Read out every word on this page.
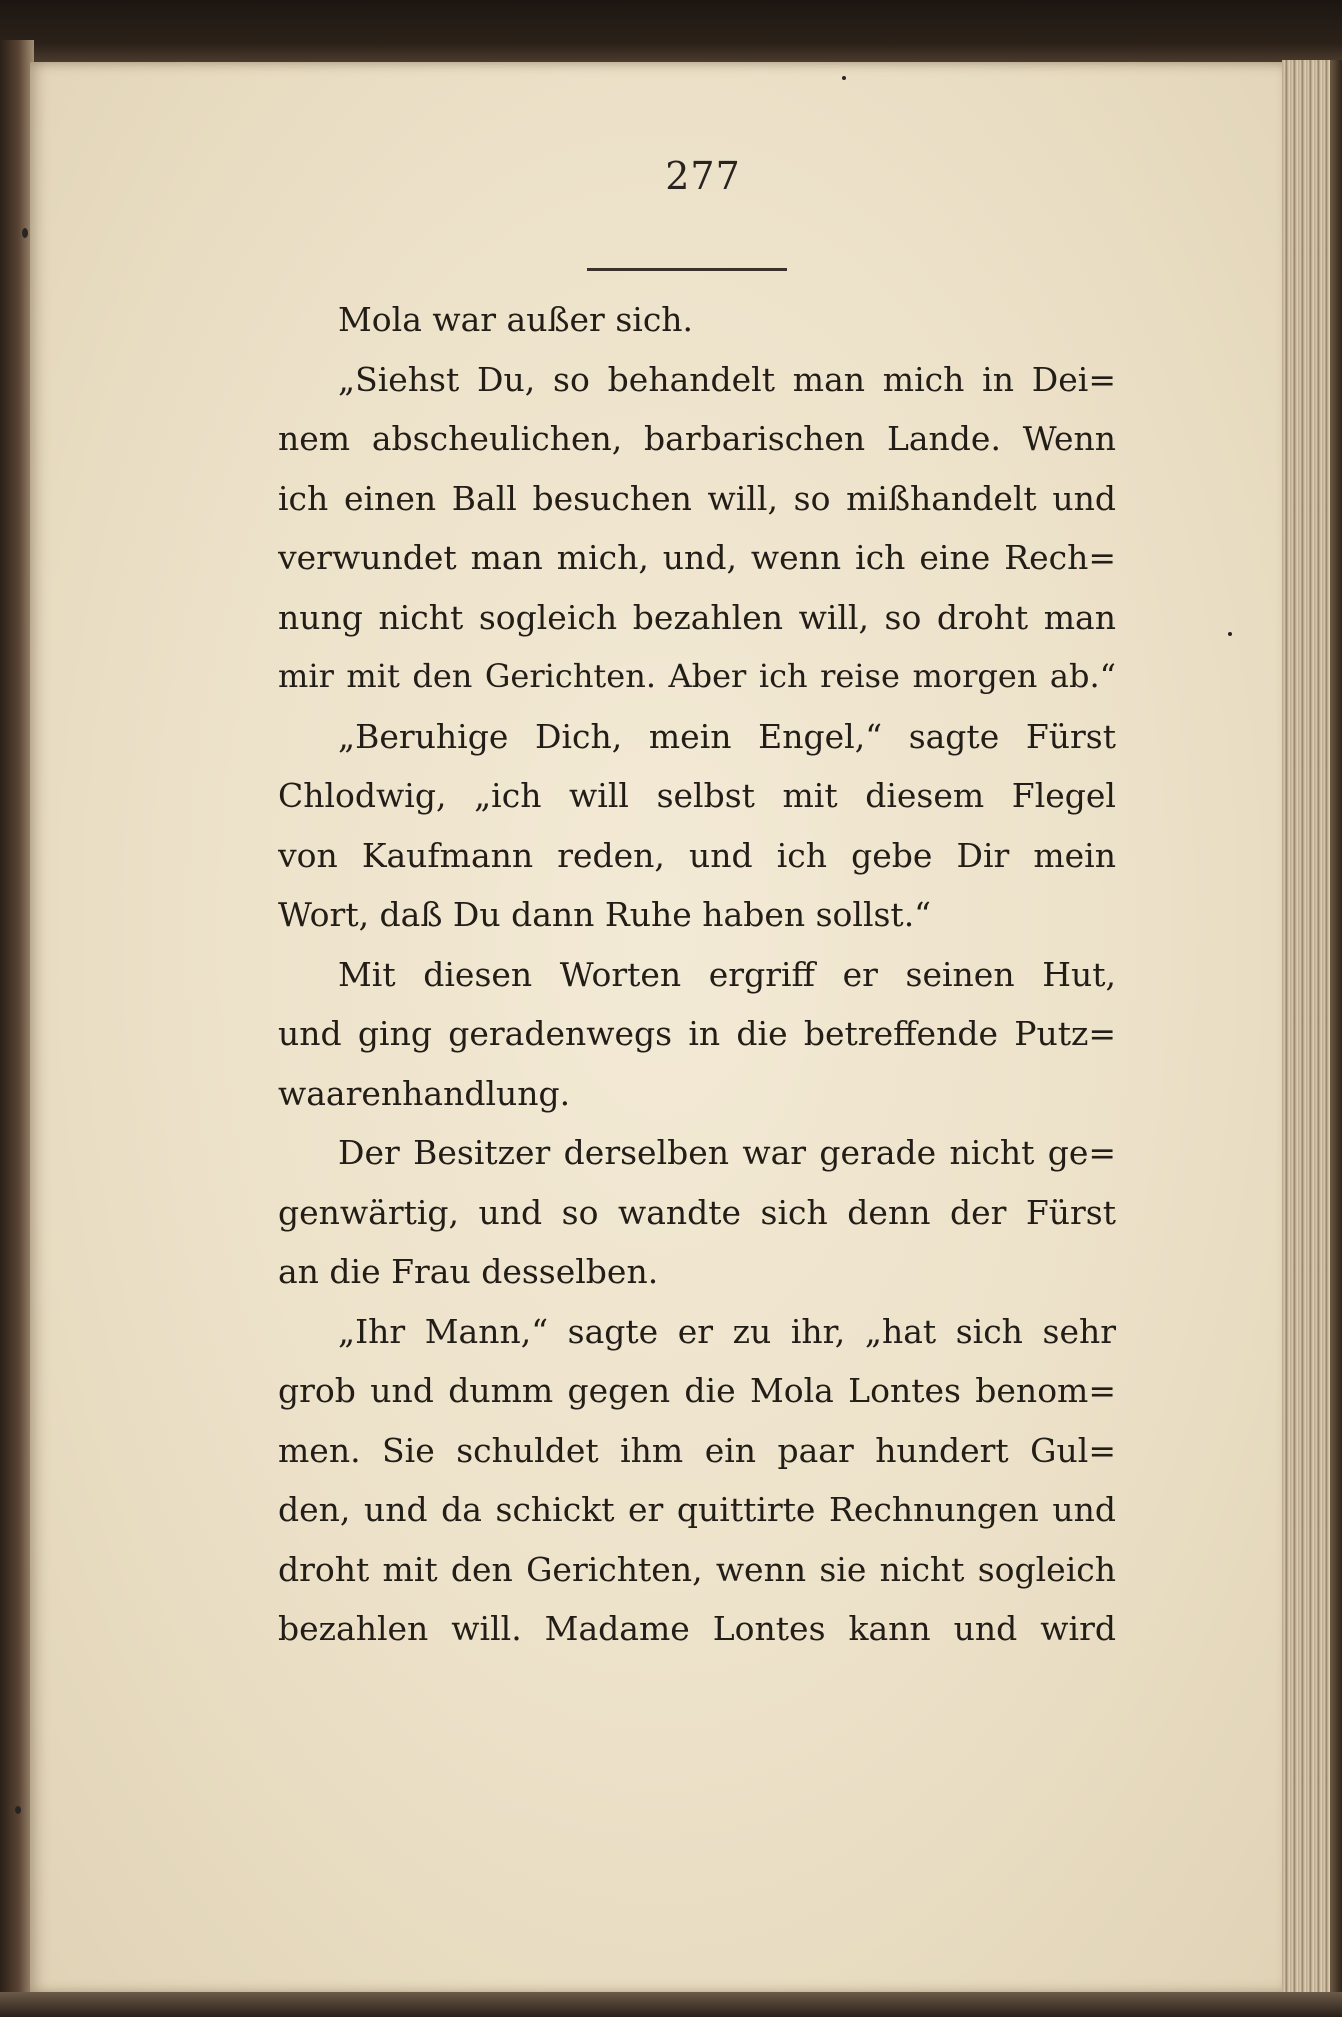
277
Mola war außer sich.
„Siehst Du, so behandelt man mich in Dei=
nem abscheulichen, barbarischen Lande. Wenn
ich einen Ball besuchen will, so mißhandelt und
verwundet man mich, und, wenn ich eine Rech=
nung nicht sogleich bezahlen will, so droht man
mir mit den Gerichten. Aber ich reise morgen ab.“
„Beruhige Dich, mein Engel,“ sagte Fürst
Chlodwig, „ich will selbst mit diesem Flegel
von Kaufmann reden, und ich gebe Dir mein
Wort, daß Du dann Ruhe haben sollst.“
Mit diesen Worten ergriff er seinen Hut,
und ging geradenwegs in die betreffende Putz=
waarenhandlung.
Der Besitzer derselben war gerade nicht ge=
genwärtig, und so wandte sich denn der Fürst
an die Frau desselben.
„Ihr Mann,“ sagte er zu ihr, „hat sich sehr
grob und dumm gegen die Mola Lontes benom=
men. Sie schuldet ihm ein paar hundert Gul=
den, und da schickt er quittirte Rechnungen und
droht mit den Gerichten, wenn sie nicht sogleich
bezahlen will. Madame Lontes kann und wird
